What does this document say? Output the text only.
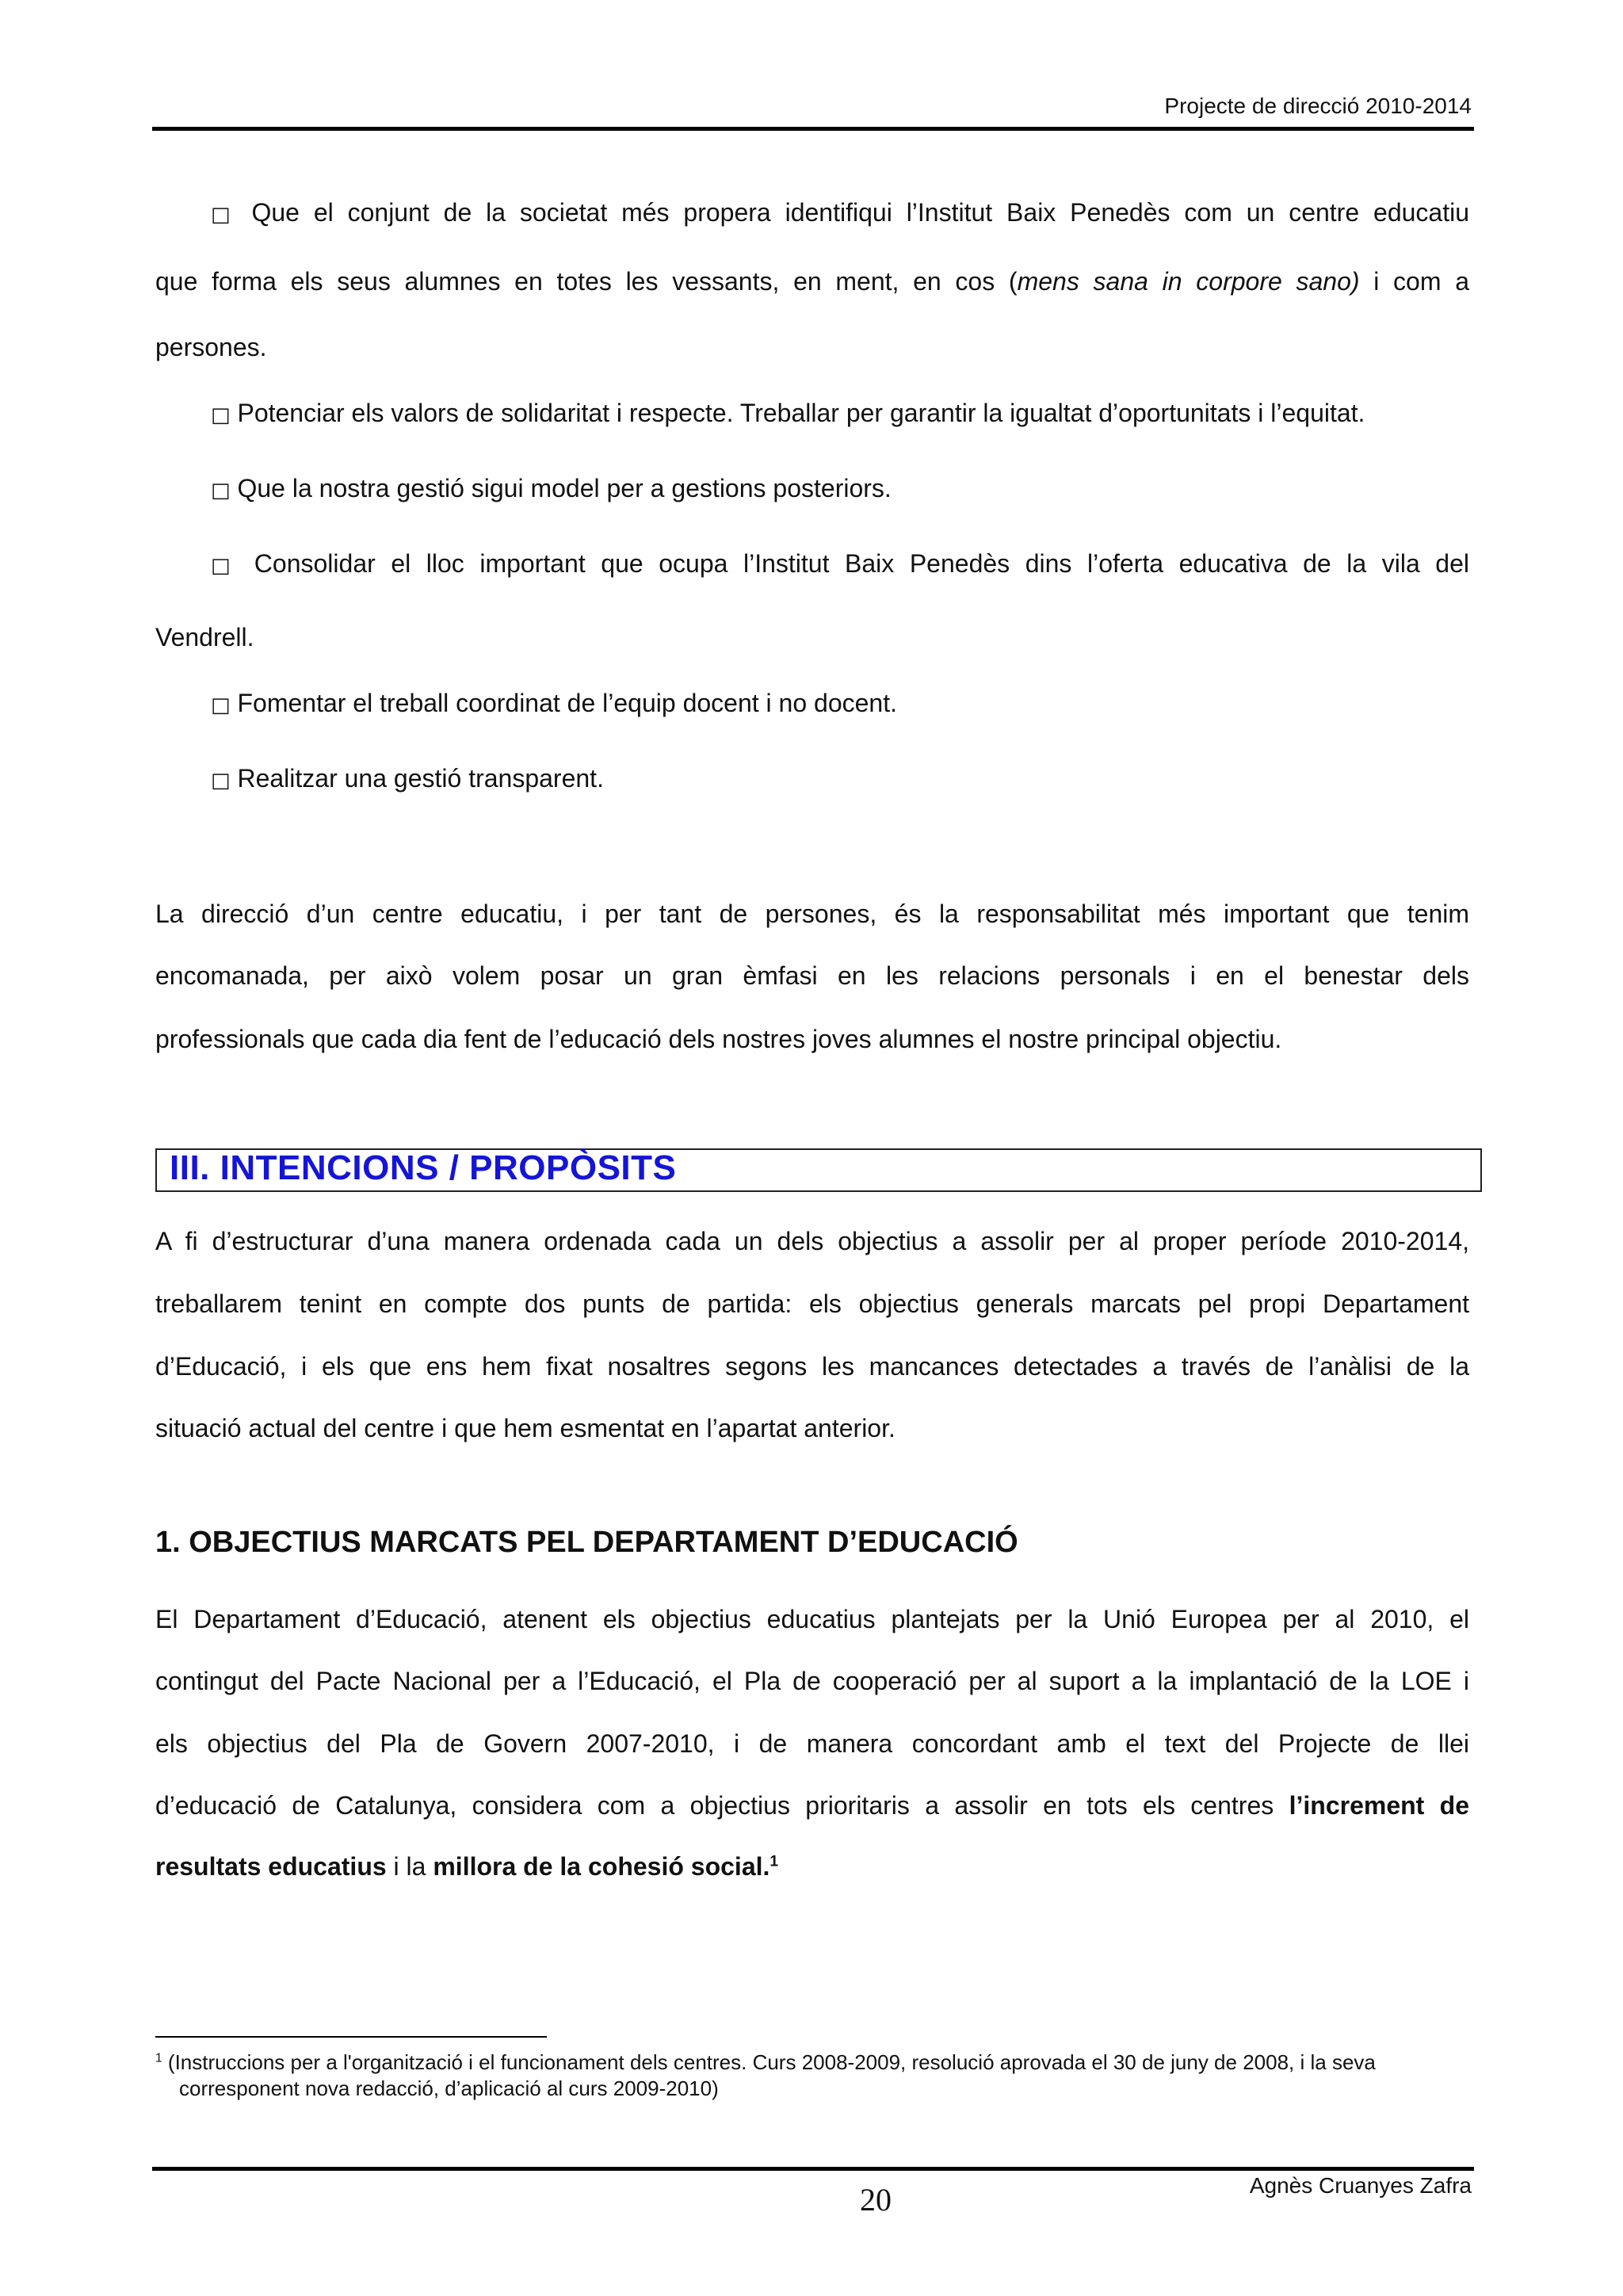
Projecte de direcció 2010-2014
□ Que el conjunt de la societat més propera identifiqui l’Institut Baix Penedès com un centre educatiu
que forma els seus alumnes en totes les vessants, en ment, en cos (mens sana in corpore sano) i com a
persones.
□ Potenciar els valors de solidaritat i respecte. Treballar per garantir la igualtat d’oportunitats i l’equitat.
□ Que la nostra gestió sigui model per a gestions posteriors.
□ Consolidar el lloc important que ocupa l’Institut Baix Penedès dins l’oferta educativa de la vila del
Vendrell.
□ Fomentar el treball coordinat de l’equip docent i no docent.
□ Realitzar una gestió transparent.
La direcció d’un centre educatiu, i per tant de persones, és la responsabilitat més important que tenim
encomanada, per això volem posar un gran èmfasi en les relacions personals i en el benestar dels
professionals que cada dia fent de l’educació dels nostres joves alumnes el nostre principal objectiu.
III. INTENCIONS / PROPÒSITS
A fi d’estructurar d’una manera ordenada cada un dels objectius a assolir per al proper període 2010-2014,
treballarem tenint en compte dos punts de partida: els objectius generals marcats pel propi Departament
d’Educació, i els que ens hem fixat nosaltres segons les mancances detectades a través de l’anàlisi de la
situació actual del centre i que hem esmentat en l’apartat anterior.
1. OBJECTIUS MARCATS PEL DEPARTAMENT D’EDUCACIÓ
El Departament d’Educació, atenent els objectius educatius plantejats per la Unió Europea per al 2010, el
contingut del Pacte Nacional per a l’Educació, el Pla de cooperació per al suport a la implantació de la LOE i
els objectius del Pla de Govern 2007-2010, i de manera concordant amb el text del Projecte de llei
d’educació de Catalunya, considera com a objectius prioritaris a assolir en tots els centres l’increment de
resultats educatius i la millora de la cohesió social.$^1$
$^1$ (Instruccions per a l'organització i el funcionament dels centres. Curs 2008-2009, resolució aprovada el 30 de juny de 2008, i la seva
corresponent nova redacció, d’aplicació al curs 2009-2010)
20	Agnès Cruanyes Zafra
